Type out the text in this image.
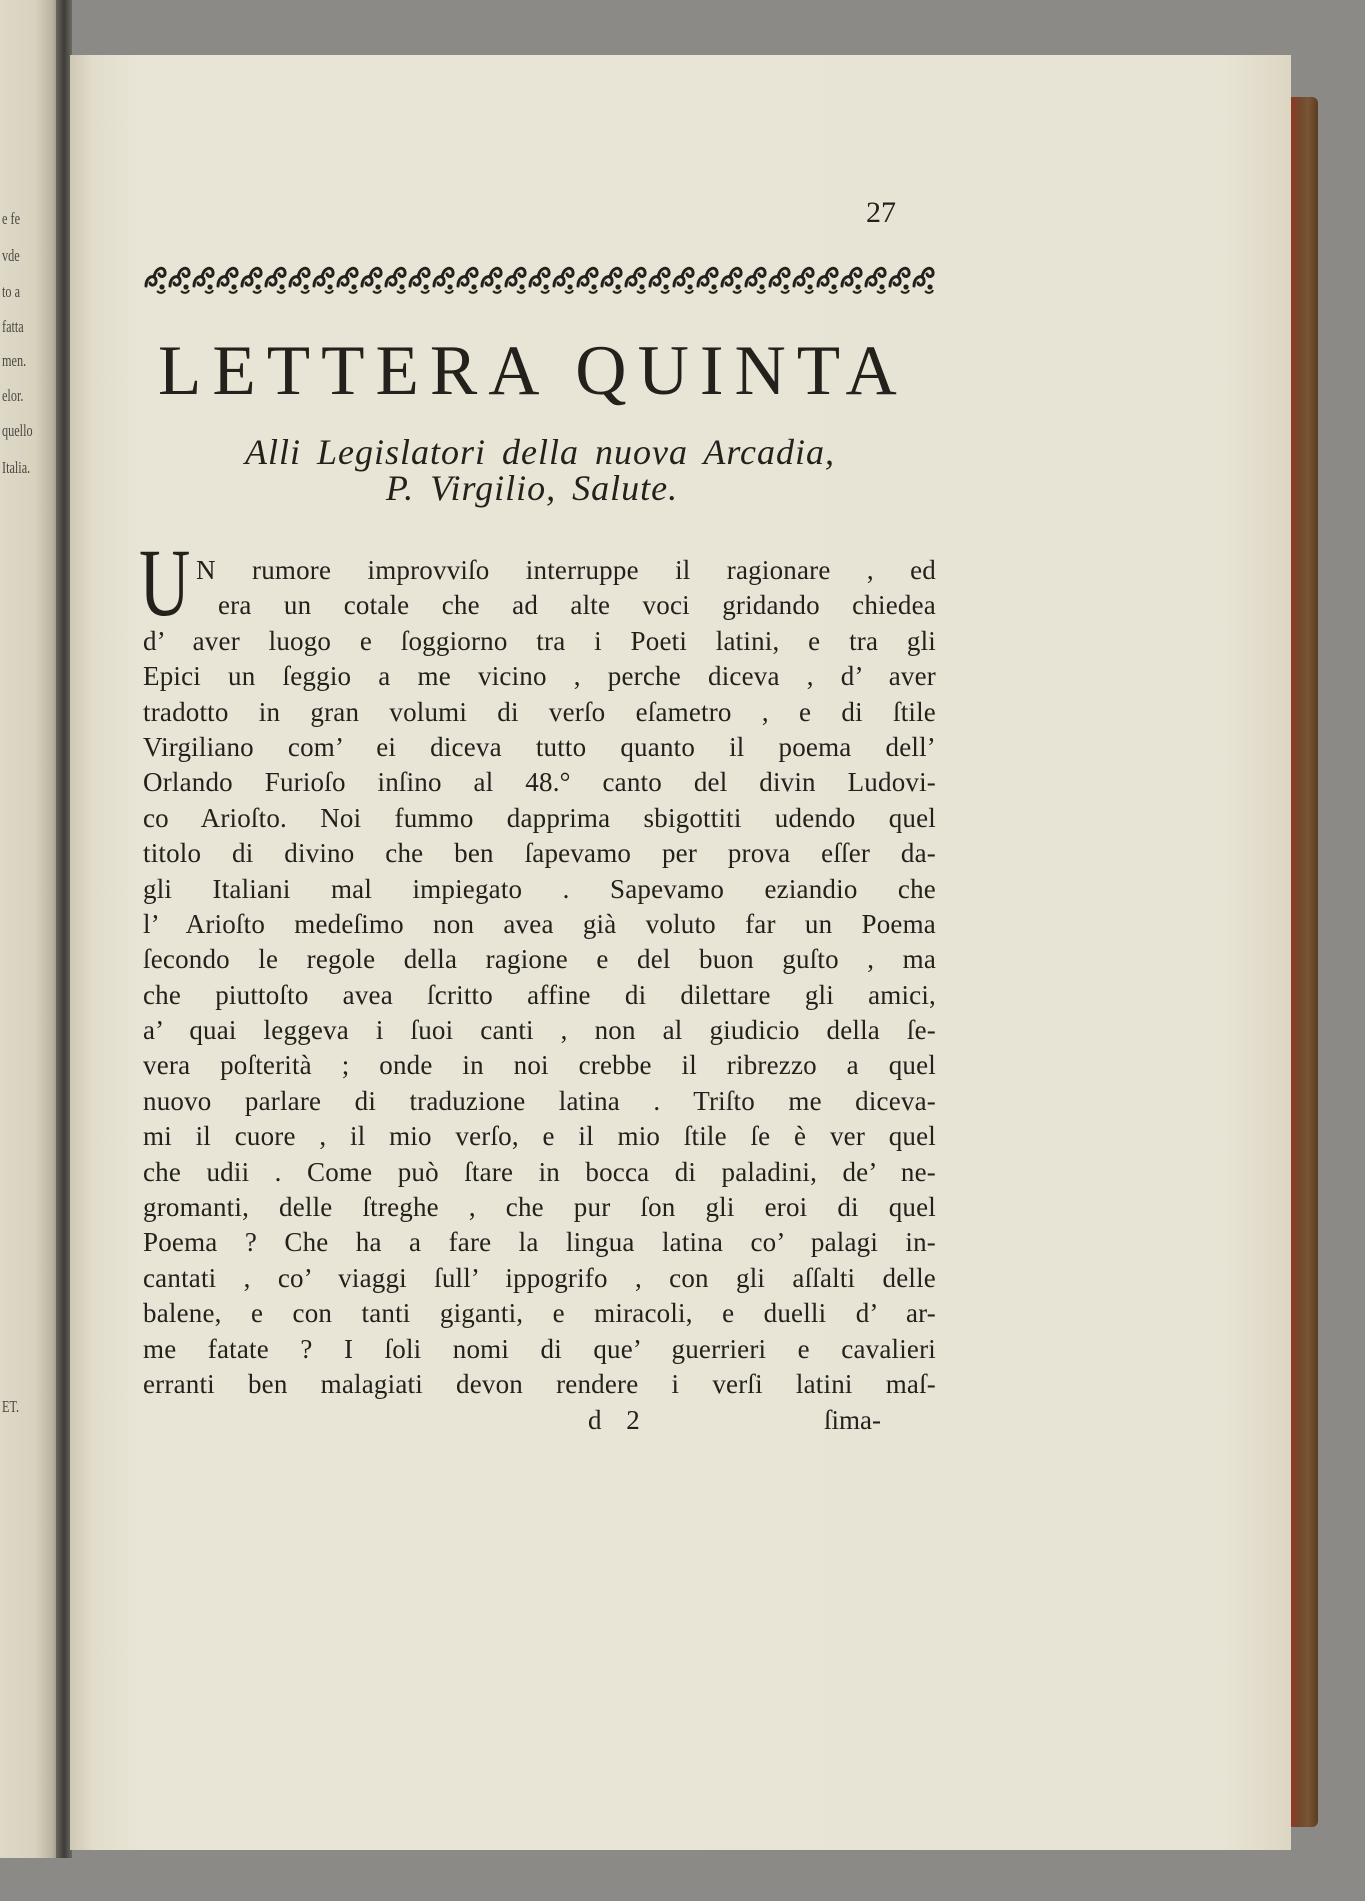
e fe
vde
to a
fatta
men.
elor.
quello
Italia.
ET.
27
LETTERA QUINTA
Alli Legislatori della nuova Arcadia,
P. Virgilio, Salute.
U N rumore improvviſo interruppe il ragionare , ed
era un cotale che ad alte voci gridando chiedea
d’ aver luogo e ſoggiorno tra i Poeti latini, e tra gli
Epici un ſeggio a me vicino , perche diceva , d’ aver
tradotto in gran volumi di verſo eſametro , e di ſtile
Virgiliano com’ ei diceva tutto quanto il poema dell’
Orlando Furioſo inſino al 48.° canto del divin Ludovi-
co Arioſto. Noi fummo dapprima sbigottiti udendo quel
titolo di divino che ben ſapevamo per prova eſſer da-
gli Italiani mal impiegato . Sapevamo eziandio che
l’ Arioſto medeſimo non avea già voluto far un Poema
ſecondo le regole della ragione e del buon guſto , ma
che piuttoſto avea ſcritto affine di dilettare gli amici,
a’ quai leggeva i ſuoi canti , non al giudicio della ſe-
vera poſterità ; onde in noi crebbe il ribrezzo a quel
nuovo parlare di traduzione latina . Triſto me diceva-
mi il cuore , il mio verſo, e il mio ſtile ſe è ver quel
che udii . Come può ſtare in bocca di paladini, de’ ne-
gromanti, delle ſtreghe , che pur ſon gli eroi di quel
Poema ? Che ha a fare la lingua latina co’ palagi in-
cantati , co’ viaggi ſull’ ippogrifo , con gli aſſalti delle
balene, e con tanti giganti, e miracoli, e duelli d’ ar-
me fatate ? I ſoli nomi di que’ guerrieri e cavalieri
erranti ben malagiati devon rendere i verſi latini maſ-
d 2	ſima-
